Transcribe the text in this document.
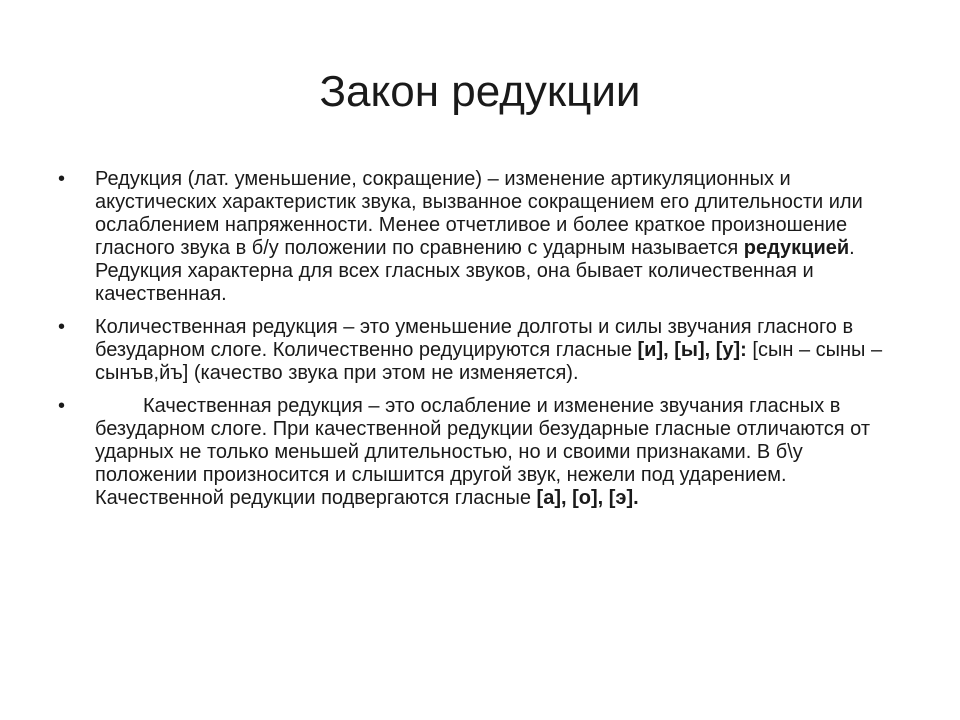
Закон редукции
• Редукция (лат. уменьшение, сокращение) – изменение артикуляционных и акустических характеристик звука, вызванное сокращением его длительности или ослаблением напряженности. Менее отчетливое и более краткое произношение гласного звука в б/у положении по сравнению с ударным называется редукцией. Редукция характерна для всех гласных звуков, она бывает количественная и качественная.
• Количественная редукция – это уменьшение долготы и силы звучания гласного в безударном слоге. Количественно редуцируются гласные [и], [ы], [у]: [сын – сыны – сынъв,йъ] (качество звука при этом не изменяется).
•	Качественная редукция – это ослабление и изменение звучания гласных в безударном слоге. При качественной редукции безударные гласные отличаются от ударных не только меньшей длительностью, но и своими признаками. В б\у положении произносится и слышится другой звук, нежели под ударением. Качественной редукции подвергаются гласные [а], [о], [э].
